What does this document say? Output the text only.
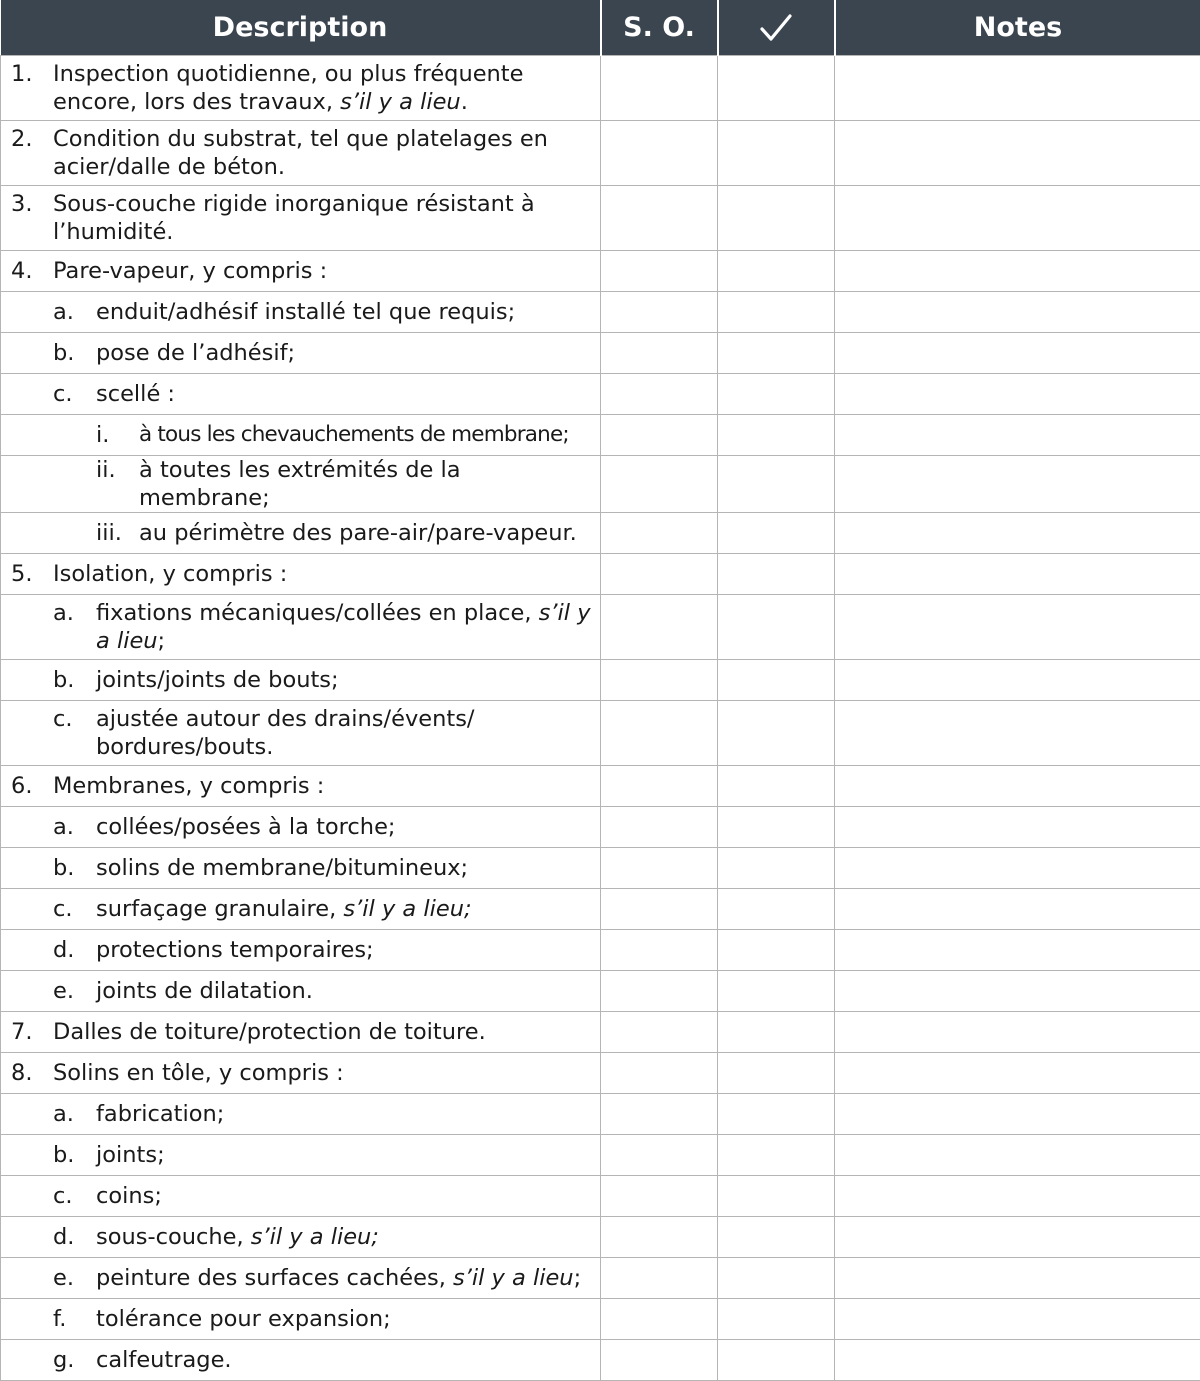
Description	S. O.		Notes

1. Inspection quotidienne, ou plus fréquente encore, lors des travaux, s’il y a lieu.			

2. Condition du substrat, tel que platelages en acier/dalle de béton.			

3. Sous-couche rigide inorganique résistant à l’humidité.			

4. Pare-vapeur, y compris :			

a. enduit/adhésif installé tel que requis;			

b. pose de l’adhésif;			

c. scellé :			

i. à tous les chevauchements de membrane;			

ii. à toutes les extrémités de la membrane;			

iii. au périmètre des pare-air/pare-vapeur.			

5. Isolation, y compris :			

a. fixations mécaniques/collées en place, s’il y a lieu;			

b. joints/joints de bouts;			

c. ajustée autour des drains/évents/ bordures/bouts.			

6. Membranes, y compris :			

a. collées/posées à la torche;			

b. solins de membrane/bitumineux;			

c. surfaçage granulaire, s’il y a lieu;			

d. protections temporaires;			

e. joints de dilatation.			

7. Dalles de toiture/protection de toiture.			

8. Solins en tôle, y compris :			

a. fabrication;			

b. joints;			

c. coins;			

d. sous-couche, s’il y a lieu;			

e. peinture des surfaces cachées, s’il y a lieu;			

f. tolérance pour expansion;			

g. calfeutrage.			
